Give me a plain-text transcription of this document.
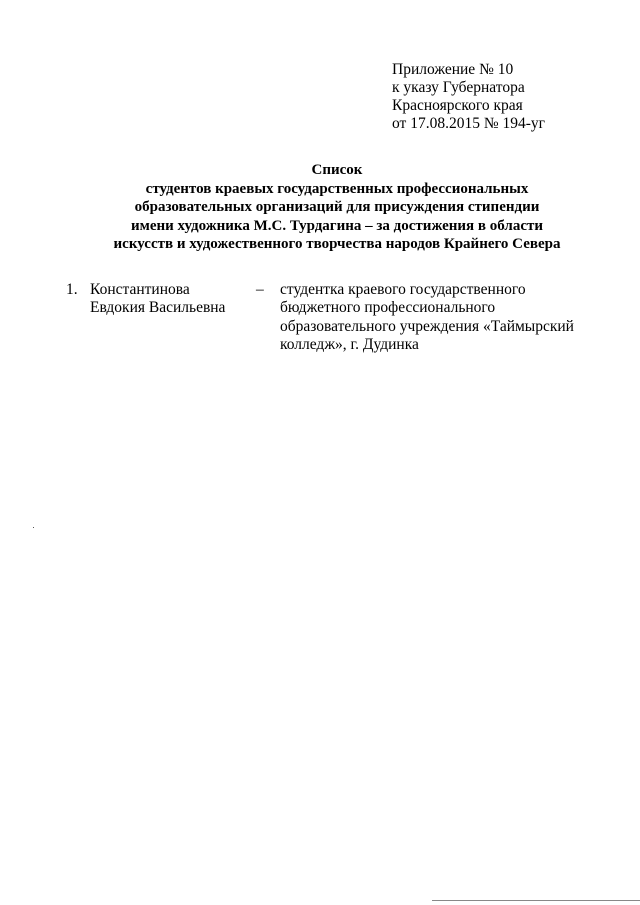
Приложение № 10
к указу Губернатора
Красноярского края
от 17.08.2015 № 194-уг
Список
студентов краевых государственных профессиональных
образовательных организаций для присуждения стипендии
имени художника М.С. Турдагина – за достижения в области
искусств и художественного творчества народов Крайнего Севера
1. Константинова
Евдокия Васильевна
– студентка краевого государственного
бюджетного профессионального
образовательного учреждения «Таймырский
колледж», г. Дудинка
